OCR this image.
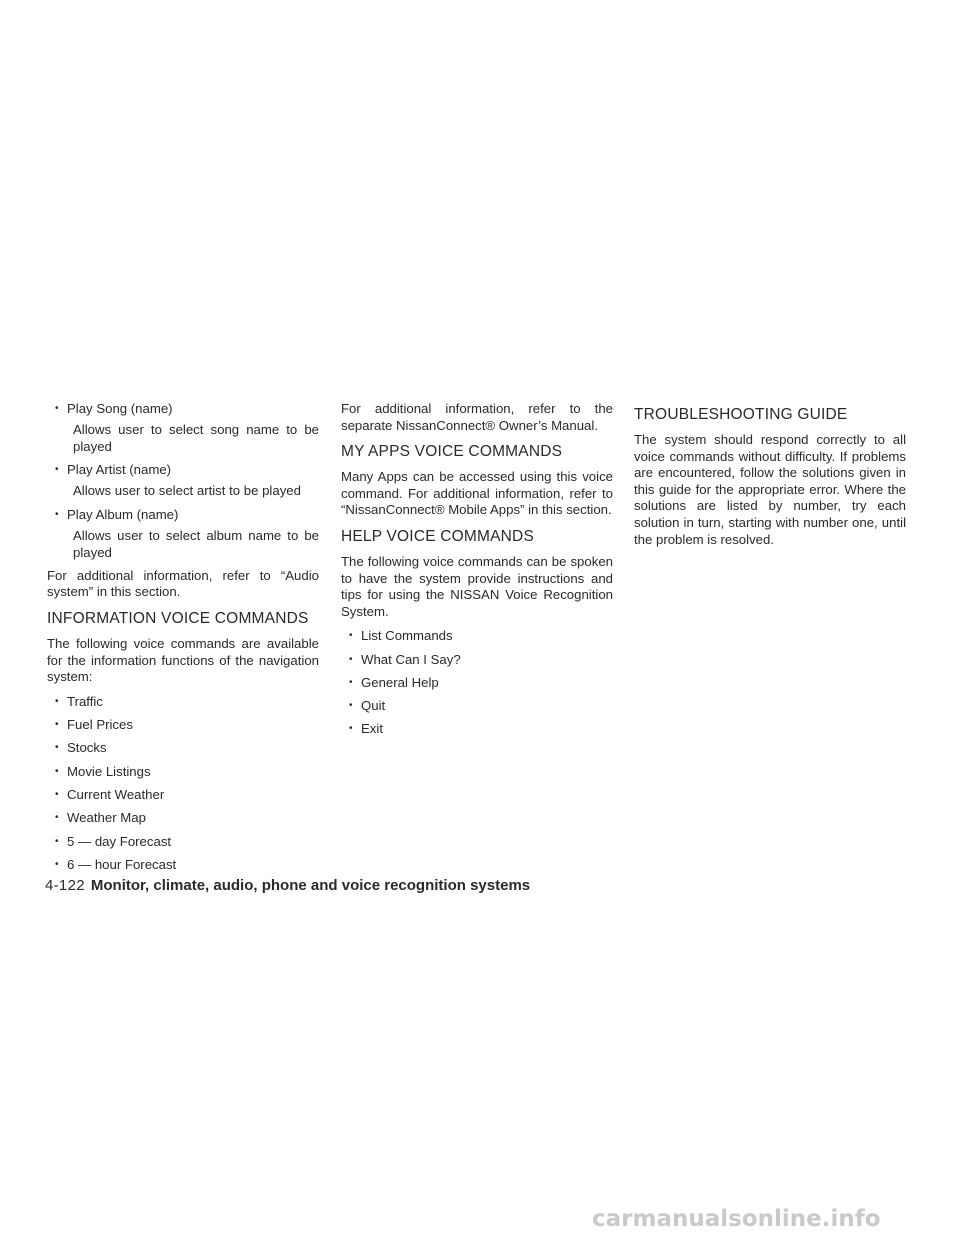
• Play Song (name)
Allows user to select song name to be played
• Play Artist (name)
Allows user to select artist to be played
• Play Album (name)
Allows user to select album name to be played

For additional information, refer to “Audio system” in this section.

INFORMATION VOICE COMMANDS

The following voice commands are available for the information functions of the navigation system:

• Traffic
• Fuel Prices
• Stocks
• Movie Listings
• Current Weather
• Weather Map
• 5 — day Forecast
• 6 — hour Forecast

For additional information, refer to the separate NissanConnect® Owner’s Manual.

MY APPS VOICE COMMANDS

Many Apps can be accessed using this voice command. For additional information, refer to “NissanConnect® Mobile Apps” in this section.

HELP VOICE COMMANDS

The following voice commands can be spoken to have the system provide instructions and tips for using the NISSAN Voice Recognition System.

• List Commands
• What Can I Say?
• General Help
• Quit
• Exit
TROUBLESHOOTING GUIDE

The system should respond correctly to all voice commands without difficulty. If problems are encountered, follow the solutions given in this guide for the appropriate error. Where the solutions are listed by number, try each solution in turn, starting with number one, until the problem is resolved.

4-122 Monitor, climate, audio, phone and voice recognition systems
carmanualsonline.info
